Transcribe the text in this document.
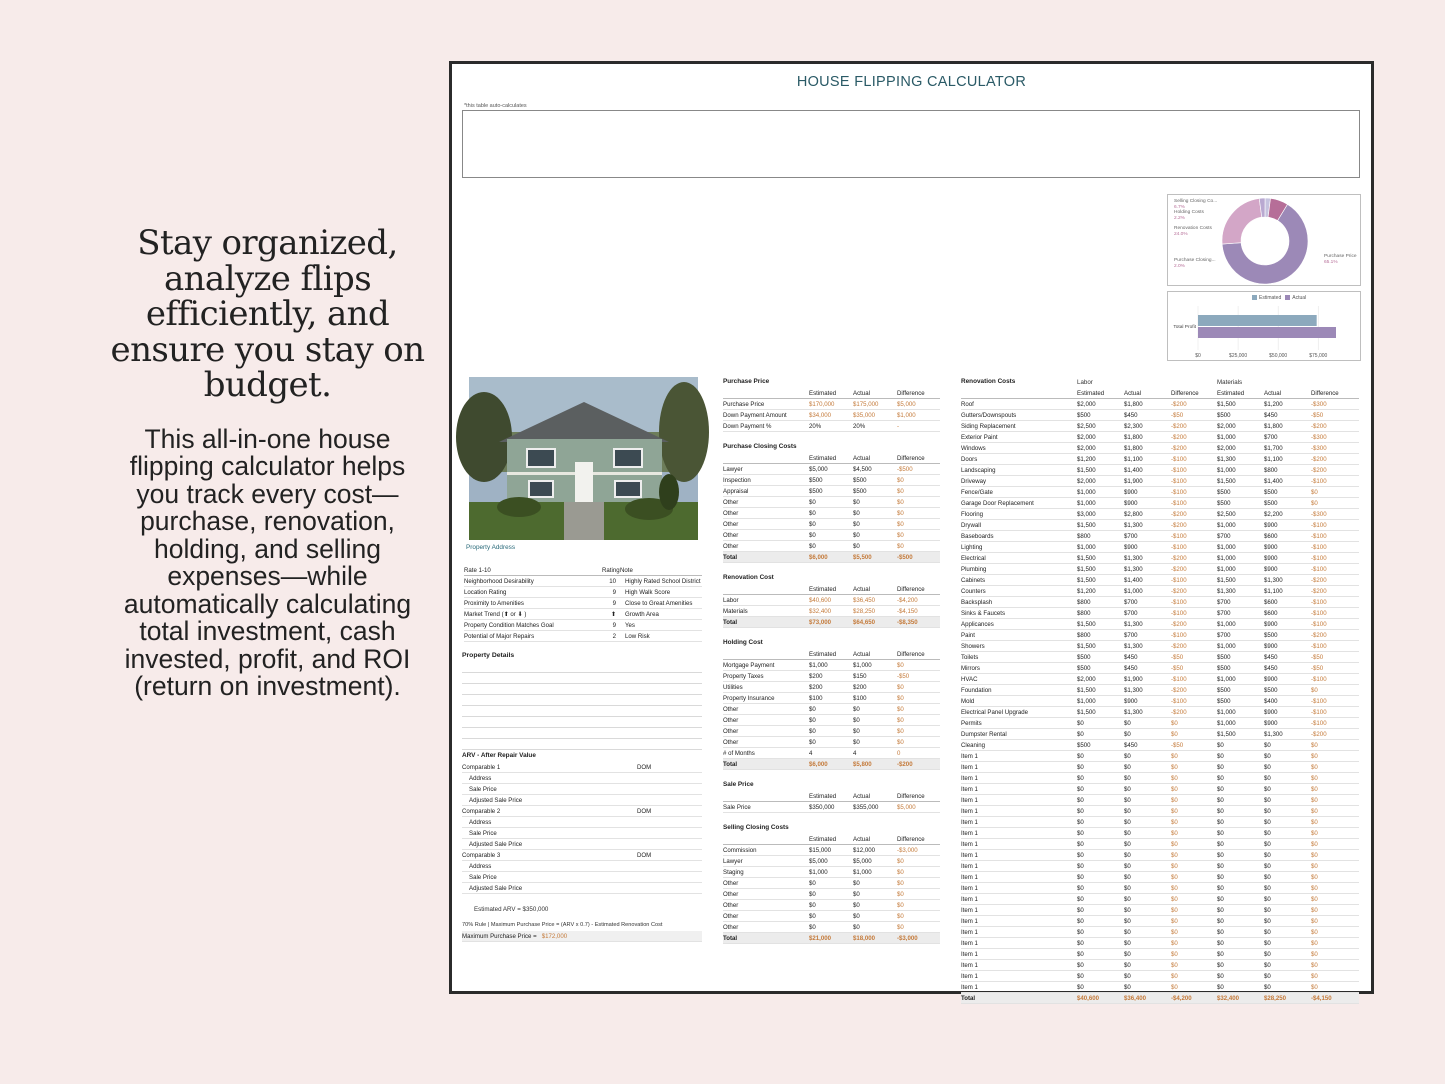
Stay organized, analyze flips efficiently, and ensure you stay on budget.
This all-in-one house flipping calculator helps you track every cost—purchase, renovation, holding, and selling expenses—while automatically calculating total investment, cash invested, profit, and ROI (return on investment).
HOUSE FLIPPING CALCULATOR
*this table auto-calculates
Purchase Price
65.1%
Renovation Costs
24.0%
Holding Costs
2.2%
Purchase Closing...
2.0%
Selling Closing Co...
6.7%
Estimated Actual
$0	$25,000	$50,000	$75,000
Total Profit
Property Address
Rate 1-10	Rating Note
Neighborhood Desirability	10	Highly Rated School District
Location Rating	9	High Walk Score
Proximity to Amenities	9	Close to Great Amenities
Market Trend (⬆ or ⬇ )	⬆	Growth Area
Property Condition Matches Goal	9	Yes
Potential of Major Repairs	2	Low Risk
Property Details
ARV - After Repair Value
Comparable 1	DOM
Address
Sale Price
Adjusted Sale Price
Comparable 2	DOM
Address
Sale Price
Adjusted Sale Price
Comparable 3	DOM
Address
Sale Price
Adjusted Sale Price
Estimated ARV = $350,000
70% Rule | Maximum Purchase Price = (ARV x 0.7) - Estimated Renovation Cost
Maximum Purchase Price = $172,000
Purchase Price
Estimated	Actual	Difference
Purchase Price	$170,000	$175,000	$5,000
Down Payment Amount	$34,000	$35,000	$1,000
Down Payment %	20%	20%	-
Purchase Closing Costs
Estimated	Actual	Difference
Lawyer	$5,000	$4,500	-$500
Inspection	$500	$500	$0
Appraisal	$500	$500	$0
Other	$0	$0	$0
Other	$0	$0	$0
Other	$0	$0	$0
Other	$0	$0	$0
Other	$0	$0	$0
Total	$6,000	$5,500	-$500
Renovation Cost
Estimated	Actual	Difference
Labor	$40,600	$36,450	-$4,200
Materials	$32,400	$28,250	-$4,150
Total	$73,000	$64,650	-$8,350
Holding Cost
Estimated	Actual	Difference
Mortgage Payment	$1,000	$1,000	$0
Property Taxes	$200	$150	-$50
Utilities	$200	$200	$0
Property Insurance	$100	$100	$0
Other	$0	$0	$0
Other	$0	$0	$0
Other	$0	$0	$0
Other	$0	$0	$0
# of Months	4	4	0
Total	$6,000	$5,800	-$200
Sale Price
Estimated	Actual	Difference
Sale Price	$350,000	$355,000	$5,000
Selling Closing Costs
Estimated	Actual	Difference
Commission	$15,000	$12,000	-$3,000
Lawyer	$5,000	$5,000	$0
Staging	$1,000	$1,000	$0
Other	$0	$0	$0
Other	$0	$0	$0
Other	$0	$0	$0
Other	$0	$0	$0
Other	$0	$0	$0
Total	$21,000	$18,000	-$3,000
Renovation Costs	Labor	Materials
Estimated	Actual	Difference	Estimated	Actual	Difference
Roof	$2,000	$1,800	-$200	$1,500	$1,200	-$300
Gutters/Downspouts	$500	$450	-$50	$500	$450	-$50
Siding Replacement	$2,500	$2,300	-$200	$2,000	$1,800	-$200
Exterior Paint	$2,000	$1,800	-$200	$1,000	$700	-$300
Windows	$2,000	$1,800	-$200	$2,000	$1,700	-$300
Doors	$1,200	$1,100	-$100	$1,300	$1,100	-$200
Landscaping	$1,500	$1,400	-$100	$1,000	$800	-$200
Driveway	$2,000	$1,900	-$100	$1,500	$1,400	-$100
Fence/Gate	$1,000	$900	-$100	$500	$500	$0
Garage Door Replacement	$1,000	$900	-$100	$500	$500	$0
Flooring	$3,000	$2,800	-$200	$2,500	$2,200	-$300
Drywall	$1,500	$1,300	-$200	$1,000	$900	-$100
Baseboards	$800	$700	-$100	$700	$600	-$100
Lighting	$1,000	$900	-$100	$1,000	$900	-$100
Electrical	$1,500	$1,300	-$200	$1,000	$900	-$100
Plumbing	$1,500	$1,300	-$200	$1,000	$900	-$100
Cabinets	$1,500	$1,400	-$100	$1,500	$1,300	-$200
Counters	$1,200	$1,000	-$200	$1,300	$1,100	-$200
Backsplash	$800	$700	-$100	$700	$600	-$100
Sinks & Faucets	$800	$700	-$100	$700	$600	-$100
Applicances	$1,500	$1,300	-$200	$1,000	$900	-$100
Paint	$800	$700	-$100	$700	$500	-$200
Showers	$1,500	$1,300	-$200	$1,000	$900	-$100
Toilets	$500	$450	-$50	$500	$450	-$50
Mirrors	$500	$450	-$50	$500	$450	-$50
HVAC	$2,000	$1,900	-$100	$1,000	$900	-$100
Foundation	$1,500	$1,300	-$200	$500	$500	$0
Mold	$1,000	$900	-$100	$500	$400	-$100
Electrical Panel Upgrade	$1,500	$1,300	-$200	$1,000	$900	-$100
Permits	$0	$0	$0	$1,000	$900	-$100
Dumpster Rental	$0	$0	$0	$1,500	$1,300	-$200
Cleaning	$500	$450	-$50	$0	$0	$0
Item 1	$0	$0	$0	$0	$0	$0
Item 1	$0	$0	$0	$0	$0	$0
Item 1	$0	$0	$0	$0	$0	$0
Item 1	$0	$0	$0	$0	$0	$0
Item 1	$0	$0	$0	$0	$0	$0
Item 1	$0	$0	$0	$0	$0	$0
Item 1	$0	$0	$0	$0	$0	$0
Item 1	$0	$0	$0	$0	$0	$0
Item 1	$0	$0	$0	$0	$0	$0
Item 1	$0	$0	$0	$0	$0	$0
Item 1	$0	$0	$0	$0	$0	$0
Item 1	$0	$0	$0	$0	$0	$0
Item 1	$0	$0	$0	$0	$0	$0
Item 1	$0	$0	$0	$0	$0	$0
Item 1	$0	$0	$0	$0	$0	$0
Item 1	$0	$0	$0	$0	$0	$0
Item 1	$0	$0	$0	$0	$0	$0
Item 1	$0	$0	$0	$0	$0	$0
Item 1	$0	$0	$0	$0	$0	$0
Item 1	$0	$0	$0	$0	$0	$0
Item 1	$0	$0	$0	$0	$0	$0
Item 1	$0	$0	$0	$0	$0	$0
Total	$40,600	$36,400	-$4,200	$32,400	$28,250	-$4,150
